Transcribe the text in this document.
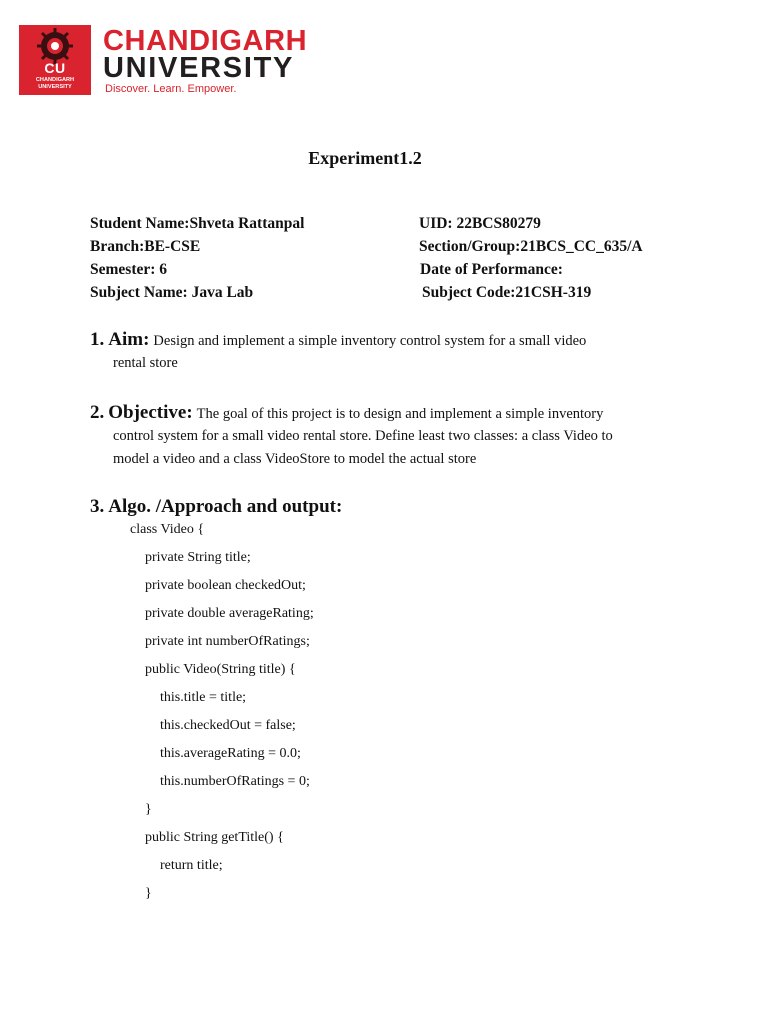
CU
CHANDIGARH
UNIVERSITY
CHANDIGARH
UNIVERSITY
Discover. Learn. Empower.
Experiment1.2
Student Name:Shveta Rattanpal	UID: 22BCS80279
Branch:BE-CSE	Section/Group:21BCS_CC_635/A
Semester: 6	Date of Performance:
Subject Name: Java Lab	Subject Code:21CSH-319
1. Aim: Design and implement a simple inventory control system for a small video
rental store
2. Objective: The goal of this project is to design and implement a simple inventory
control system for a small video rental store. Define least two classes: a class Video to
model a video and a class VideoStore to model the actual store
3. Algo. /Approach and output:
class Video {
private String title;
private boolean checkedOut;
private double averageRating;
private int numberOfRatings;
public Video(String title) {
this.title = title;
this.checkedOut = false;
this.averageRating = 0.0;
this.numberOfRatings = 0;
}
public String getTitle() {
return title;
}
